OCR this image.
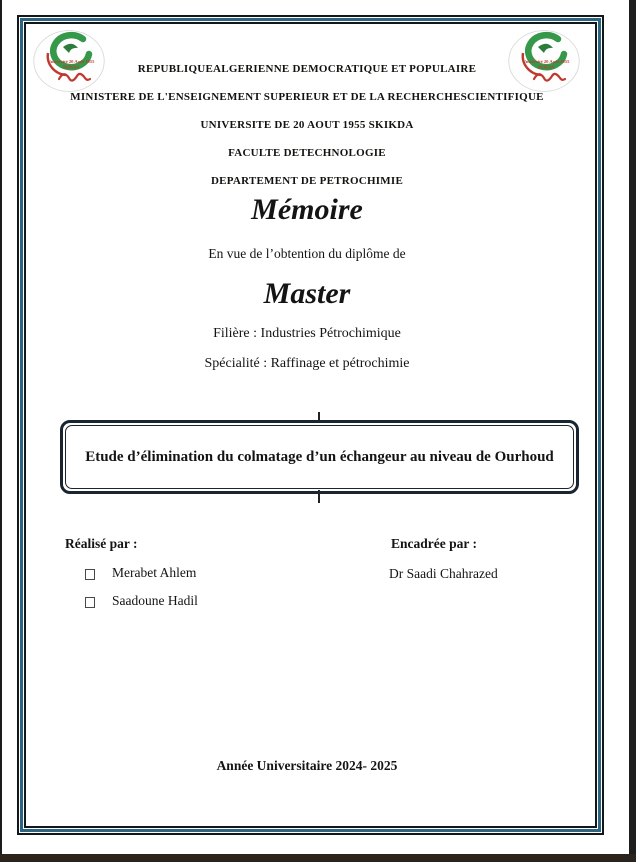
Université 20 Août 1955
SKIKDA
Université 20 Août 1955
SKIKDA
REPUBLIQUEALGERIENNE DEMOCRATIQUE ET POPULAIRE
MINISTERE DE L'ENSEIGNEMENT SUPERIEUR ET DE LA RECHERCHESCIENTIFIQUE
UNIVERSITE DE 20 AOUT 1955 SKIKDA
FACULTE DETECHNOLOGIE
DEPARTEMENT DE PETROCHIMIE
Mémoire
En vue de l’obtention du diplôme de
Master
Filière : Industries Pétrochimique
Spécialité : Raffinage et pétrochimie
Etude d’élimination du colmatage d’un échangeur au niveau de Ourhoud
Réalisé par :	Encadrée par :
Merabet Ahlem
Saadoune Hadil
Dr Saadi Chahrazed
Année Universitaire 2024- 2025
